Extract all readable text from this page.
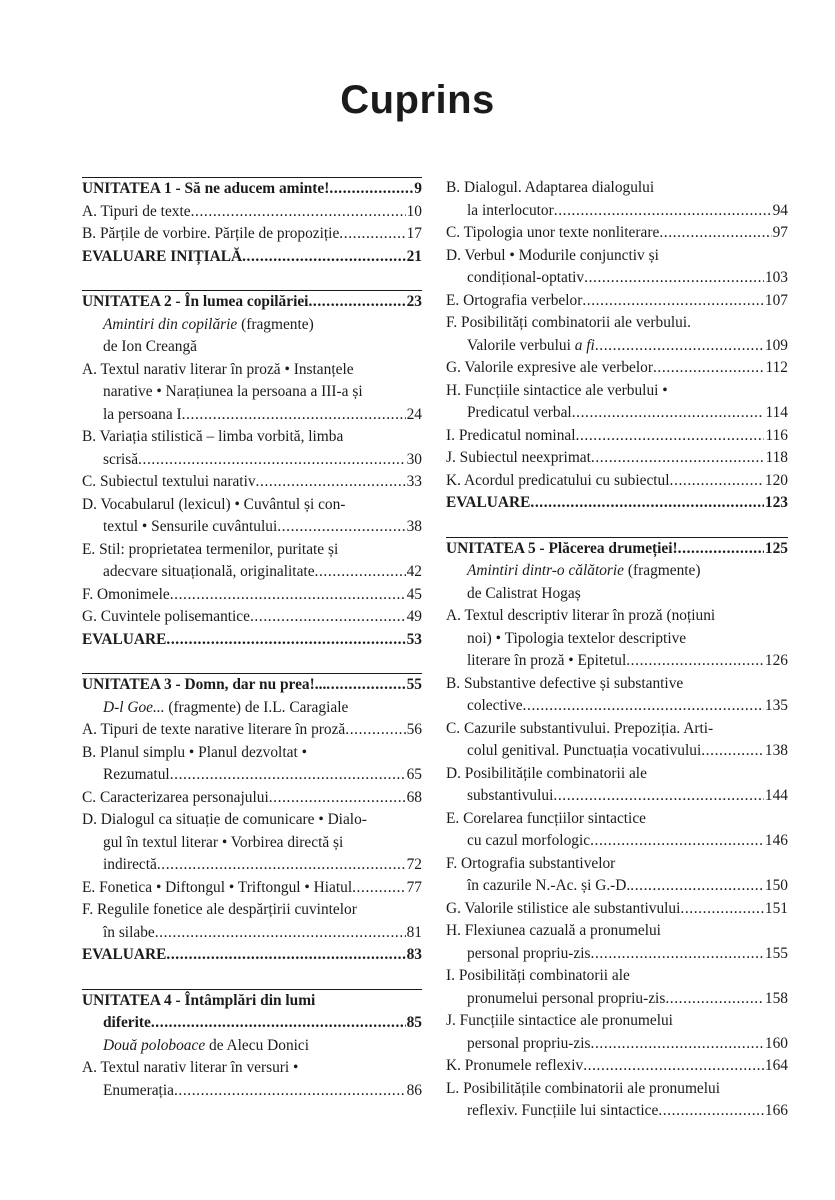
Cuprins
UNITATEA 1 - Să ne aducem aminte! .....	9
A. Tipuri de texte .....	10
B. Părțile de vorbire. Părțile de propoziție .....	17
EVALUARE INIȚIALĂ .....	21
UNITATEA 2 - În lumea copilăriei .....	23
Amintiri din copilărie (fragmente)
de Ion Creangă
A. Textul narativ literar în proză • Instanțele
narative • Narațiunea la persoana a III-a și
la persoana I .....	24
B. Variația stilistică – limba vorbită, limba
scrisă .....	30
C. Subiectul textului narativ .....	33
D. Vocabularul (lexicul) • Cuvântul și con-
textul • Sensurile cuvântului .....	38
E. Stil: proprietatea termenilor, puritate și
adecvare situațională, originalitate .....	42
F. Omonimele .....	45
G. Cuvintele polisemantice .....	49
EVALUARE .....	53
UNITATEA 3 - Domn, dar nu prea!... .....	55
D-l Goe... (fragmente) de I.L. Caragiale
A. Tipuri de texte narative literare în proză .....	56
B. Planul simplu • Planul dezvoltat •
Rezumatul .....	65
C. Caracterizarea personajului .....	68
D. Dialogul ca situație de comunicare • Dialo-
gul în textul literar • Vorbirea directă și
indirectă .....	72
E. Fonetica • Diftongul • Triftongul • Hiatul .....	77
F. Regulile fonetice ale despărțirii cuvintelor
în silabe .....	81
EVALUARE .....	83
UNITATEA 4 - Întâmplări din lumi
diferite .....	85
Două poloboace de Alecu Donici
A. Textul narativ literar în versuri •
Enumerația .....	86
B. Dialogul. Adaptarea dialogului
la interlocutor .....	94
C. Tipologia unor texte nonliterare .....	97
D. Verbul • Modurile conjunctiv și
condițional-optativ .....	103
E. Ortografia verbelor .....	107
F. Posibilități combinatorii ale verbului.
Valorile verbului a fi .....	109
G. Valorile expresive ale verbelor .....	112
H. Funcțiile sintactice ale verbului •
Predicatul verbal .....	114
I. Predicatul nominal .....	116
J. Subiectul neexprimat .....	118
K. Acordul predicatului cu subiectul .....	120
EVALUARE .....	123
UNITATEA 5 - Plăcerea drumeției! .....	125
Amintiri dintr-o călătorie (fragmente)
de Calistrat Hogaș
A. Textul descriptiv literar în proză (noțiuni
noi) • Tipologia textelor descriptive
literare în proză • Epitetul .....	126
B. Substantive defective și substantive
colective .....	135
C. Cazurile substantivului. Prepoziția. Arti-
colul genitival. Punctuația vocativului .....	138
D. Posibilitățile combinatorii ale
substantivului .....	144
E. Corelarea funcțiilor sintactice
cu cazul morfologic .....	146
F. Ortografia substantivelor
în cazurile N.-Ac. și G.-D. .....	150
G. Valorile stilistice ale substantivului .....	151
H. Flexiunea cazuală a pronumelui
personal propriu-zis .....	155
I. Posibilități combinatorii ale
pronumelui personal propriu-zis .....	158
J. Funcțiile sintactice ale pronumelui
personal propriu-zis .....	160
K. Pronumele reflexiv .....	164
L. Posibilitățile combinatorii ale pronumelui
reflexiv. Funcțiile lui sintactice .....	166
